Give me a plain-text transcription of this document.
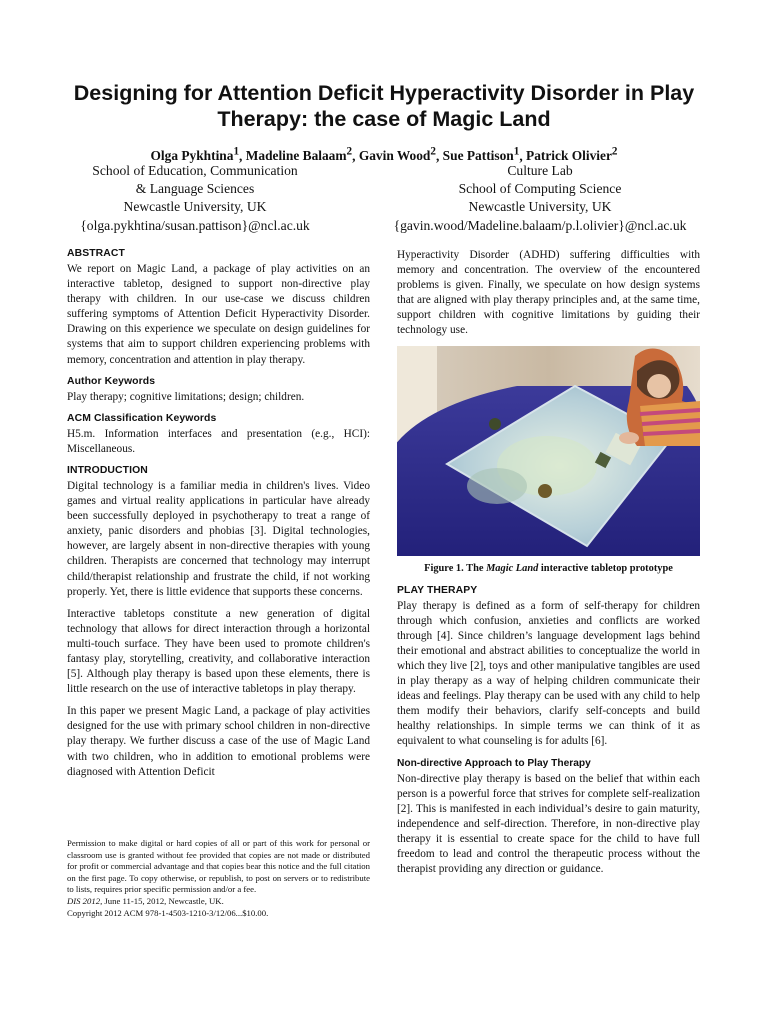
Designing for Attention Deficit Hyperactivity Disorder in Play Therapy: the case of Magic Land
Olga Pykhtina$^1$, Madeline Balaam$^2$, Gavin Wood$^2$, Sue Pattison$^1$, Patrick Olivier$^2$
School of Education, Communication
& Language Sciences
Newcastle University, UK
{olga.pykhtina/susan.pattison}@ncl.ac.uk
Culture Lab
School of Computing Science
Newcastle University, UK
{gavin.wood/Madeline.balaam/p.l.olivier}@ncl.ac.uk
ABSTRACT

We report on Magic Land, a package of play activities on an interactive tabletop, designed to support non-directive play therapy with children. In our use-case we discuss children suffering symptoms of Attention Deficit Hyperactivity Disorder. Drawing on this experience we speculate on design guidelines for systems that aim to support children experiencing problems with memory, concentration and attention in play therapy.

Author Keywords

Play therapy; cognitive limitations; design; children.

ACM Classification Keywords

H5.m. Information interfaces and presentation (e.g., HCI): Miscellaneous.

INTRODUCTION

Digital technology is a familiar media in children's lives. Video games and virtual reality applications in particular have already been successfully deployed in psychotherapy to treat a range of anxiety, panic disorders and phobias [3]. Digital technologies, however, are largely absent in non-directive therapies with young children. Therapists are concerned that technology may interrupt child/therapist relationship and frustrate the child, if not working properly. Yet, there is little evidence that supports these concerns.

Interactive tabletops constitute a new generation of digital technology that allows for direct interaction through a horizontal multi-touch surface. They have been used to promote children's fantasy play, storytelling, creativity, and collaborative interaction [5]. Although play therapy is based upon these elements, there is little research on the use of interactive tabletops in play therapy.

In this paper we present Magic Land, a package of play activities designed for the use with primary school children in non-directive play therapy. We further discuss a case of the use of Magic Land with two children, who in addition to emotional problems were diagnosed with Attention Deficit

Permission to make digital or hard copies of all or part of this work for personal or classroom use is granted without fee provided that copies are not made or distributed for profit or commercial advantage and that copies bear this notice and the full citation on the first page. To copy otherwise, or republish, to post on servers or to redistribute to lists, requires prior specific permission and/or a fee.

DIS 2012, June 11-15, 2012, Newcastle, UK.

Copyright 2012 ACM 978-1-4503-1210-3/12/06...$10.00.

Hyperactivity Disorder (ADHD) suffering difficulties with memory and concentration. The overview of the encountered problems is given. Finally, we speculate on how design systems that are aligned with play therapy principles and, at the same time, support children with cognitive limitations by guiding their technology use.

Figure 1. The Magic Land interactive tabletop prototype
PLAY THERAPY

Play therapy is defined as a form of self-therapy for children through which confusion, anxieties and conflicts are worked through [4]. Since children’s language development lags behind their emotional and abstract abilities to conceptualize the world in which they live [2], toys and other manipulative tangibles are used in play therapy as a way of helping children communicate their ideas and feelings. Play therapy can be used with any child to help them modify their behaviors, clarify self-concepts and build healthy relationships. In simple terms we can think of it as equivalent to what counseling is for adults [6].

Non-directive Approach to Play Therapy

Non-directive play therapy is based on the belief that within each person is a powerful force that strives for complete self-realization [2]. This is manifested in each individual’s desire to gain maturity, independence and self-direction. Therefore, in non-directive play therapy it is essential to create space for the child to have full freedom to lead and control the therapeutic process without the therapist providing any direction or guidance.
